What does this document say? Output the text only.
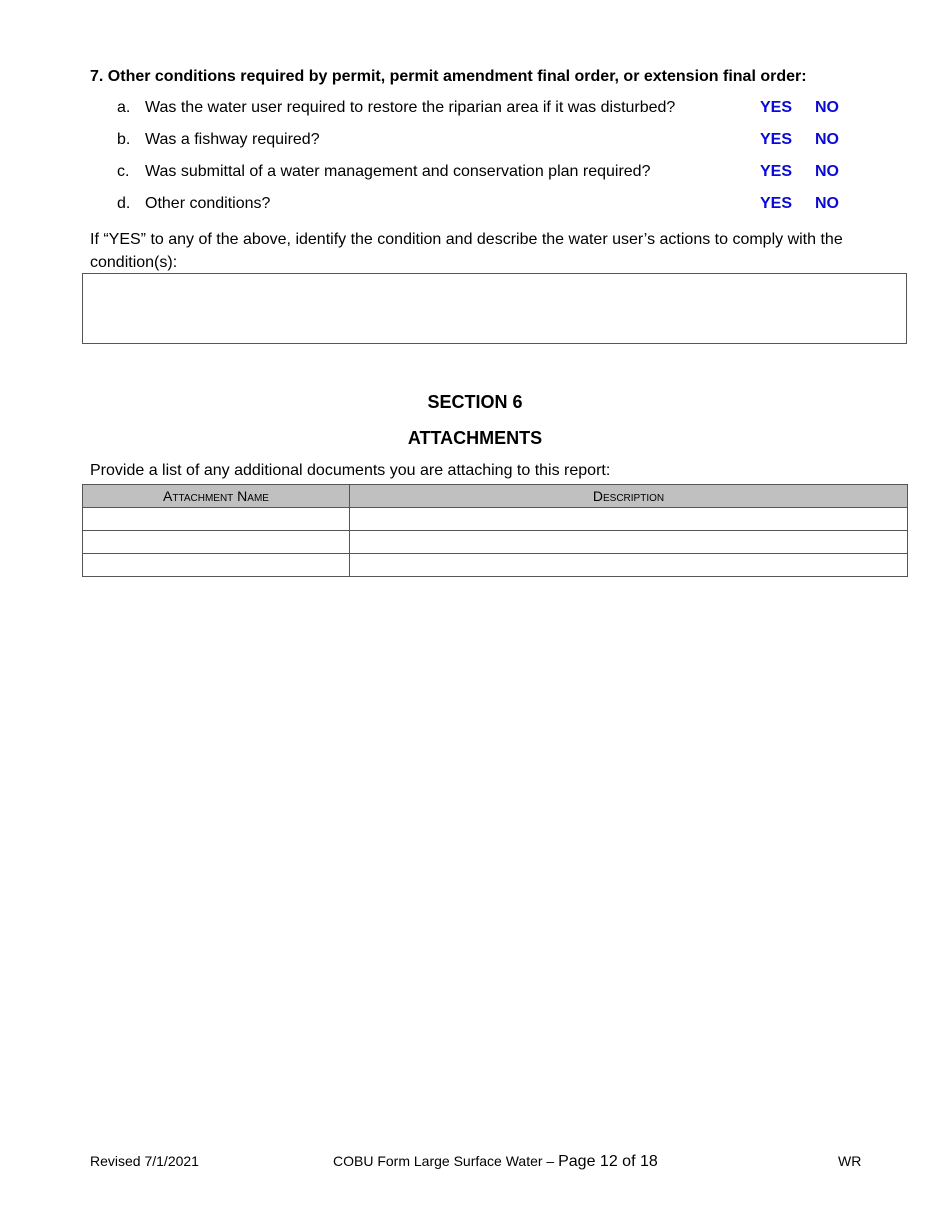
7. Other conditions required by permit, permit amendment final order, or extension final order:
a. Was the water user required to restore the riparian area if it was disturbed?	YES NO
b. Was a fishway required?	YES NO
c. Was submittal of a water management and conservation plan required?	YES NO
d. Other conditions?	YES NO
If “YES” to any of the above, identify the condition and describe the water user’s actions to comply with the condition(s):
SECTION 6
ATTACHMENTS
Provide a list of any additional documents you are attaching to this report:
Attachment Name	Description

Revised 7/1/2021	COBU Form Large Surface Water – Page 12 of 18	WR
